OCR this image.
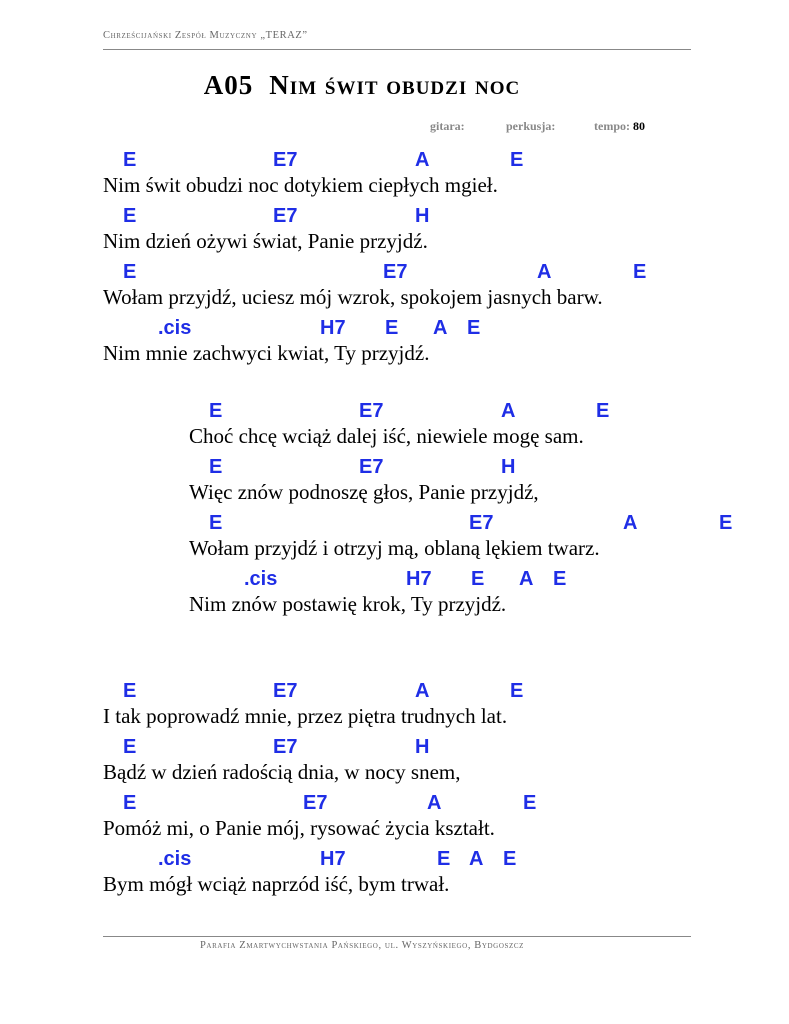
Chrześcijański Zespół Muzyczny „TERAZ”
A05 Nim świt obudzi noc
gitara:	perkusja:	tempo: 80
E	E7	A	E
Nim świt obudzi noc dotykiem ciepłych mgieł.
E	E7	H
Nim dzień ożywi świat, Panie przyjdź.
E	E7	A	E
Wołam przyjdź, uciesz mój wzrok, spokojem jasnych barw.
.cis	H7 E A E
Nim mnie zachwyci kwiat, Ty przyjdź.
E	E7	A	E
Choć chcę wciąż dalej iść, niewiele mogę sam.
E	E7	H
Więc znów podnoszę głos, Panie przyjdź,
E	E7	A	E
Wołam przyjdź i otrzyj mą, oblaną lękiem twarz.
.cis	H7 E A E
Nim znów postawię krok, Ty przyjdź.
E	E7	A	E
I tak poprowadź mnie, przez piętra trudnych lat.
E	E7	H
Bądź w dzień radością dnia, w nocy snem,
E	E7	A	E
Pomóż mi, o Panie mój, rysować życia kształt.
.cis	H7	E A E
Bym mógł wciąż naprzód iść, bym trwał.
Parafia Zmartwychwstania Pańskiego, ul. Wyszyńskiego, Bydgoszcz
